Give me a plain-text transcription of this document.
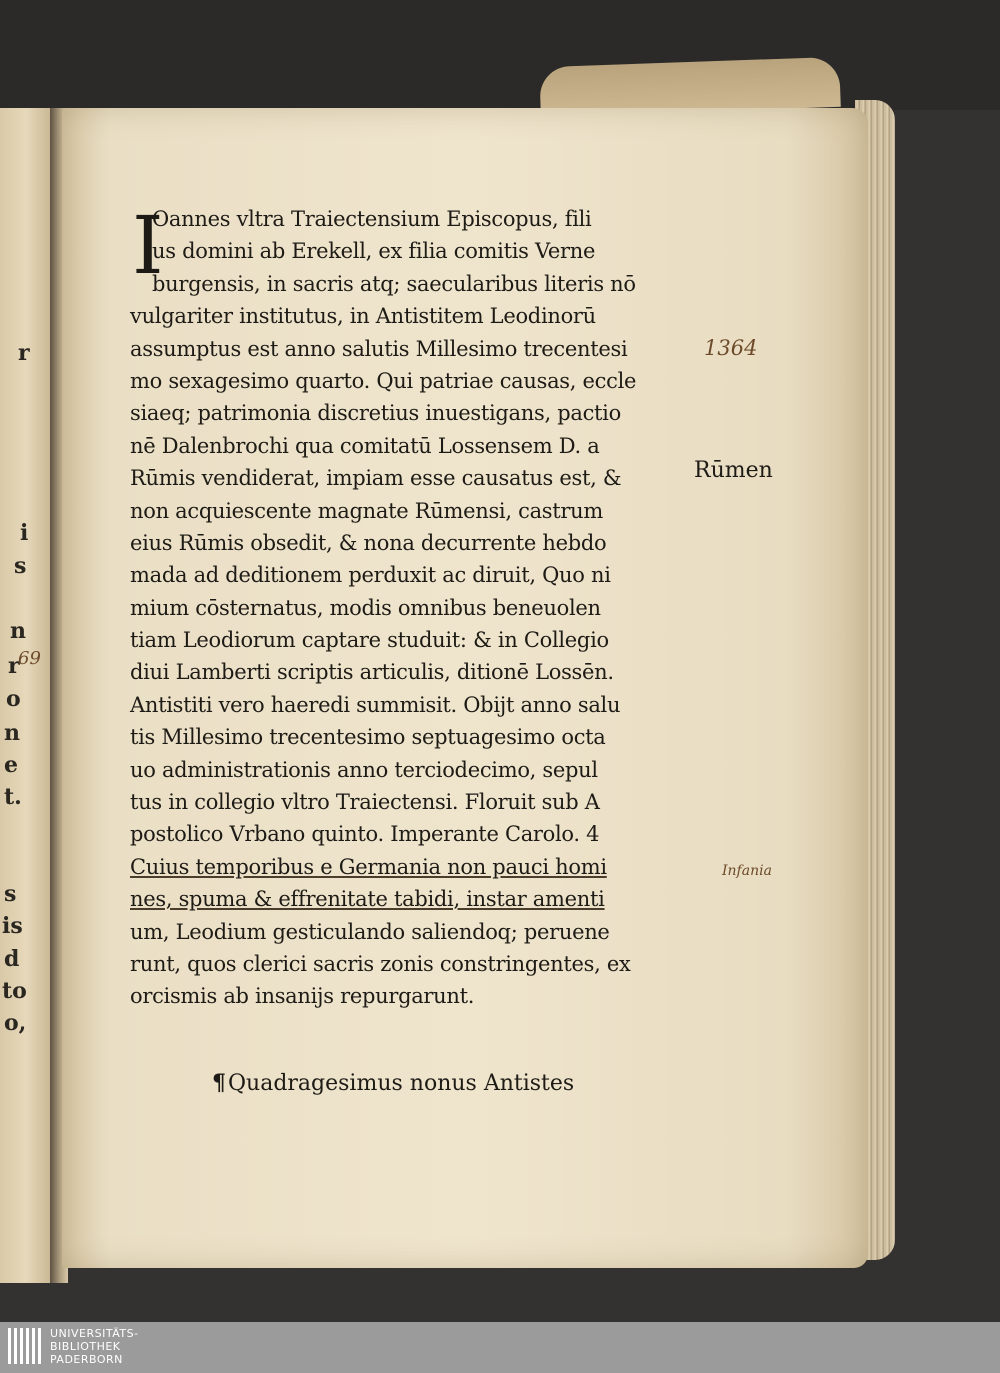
r
i
s
n
r
o
n
e
t.
s
is
d
to
o,
69
I
Oannes vltra Traiectensium Episcopus, fili
us domini ab Erekell, ex filia comitis Verne
burgensis, in sacris atq; saecularibus literis nō
vulgariter institutus, in Antistitem Leodinorū
assumptus est anno salutis Millesimo trecentesi
mo sexagesimo quarto. Qui patriae causas, eccle
siaeq; patrimonia discretius inuestigans, pactio
nē Dalenbrochi qua comitatū Lossensem D. a
Rūmis vendiderat, impiam esse causatus est, &
non acquiescente magnate Rūmensi, castrum
eius Rūmis obsedit, & nona decurrente hebdo
mada ad deditionem perduxit ac diruit, Quo ni
mium cōsternatus, modis omnibus beneuolen
tiam Leodiorum captare studuit: & in Collegio
diui Lamberti scriptis articulis, ditionē Lossēn.
Antistiti vero haeredi summisit. Obijt anno salu
tis Millesimo trecentesimo septuagesimo octa
uo administrationis anno terciodecimo, sepul
tus in collegio vltro Traiectensi. Floruit sub A
postolico Vrbano quinto. Imperante Carolo. 4
Cuius temporibus e Germania non pauci homi
nes, spuma & effrenitate tabidi, instar amenti
um, Leodium gesticulando saliendoq; peruene
runt, quos clerici sacris zonis constringentes, ex
orcismis ab insanijs repurgarunt.
¶Quadragesimus nonus Antistes
1364
Rūmen
Infania
UNIVERSITÄTS-
BIBLIOTHEK
PADERBORN
